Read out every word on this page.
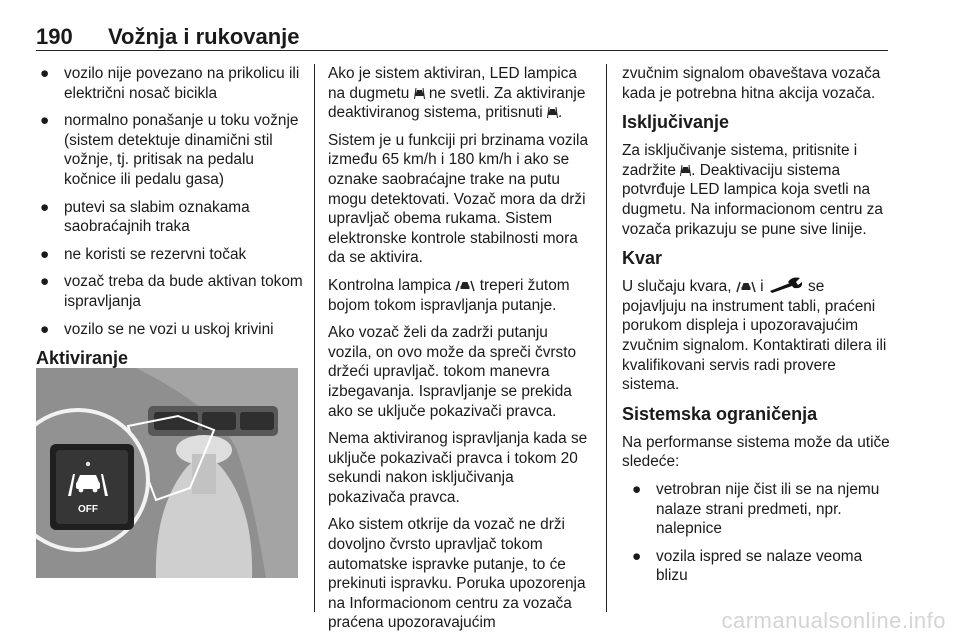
190 Vožnja i rukovanje
● vozilo nije povezano na prikolicu ili električni nosač bicikla
● normalno ponašanje u toku vožnje (sistem detektuje dinamični stil vožnje, tj. pritisak na pedalu kočnice ili pedalu gasa)
● putevi sa slabim oznakama saobraćajnih traka
● ne koristi se rezervni točak
● vozač treba da bude aktivan tokom ispravljanja
● vozilo se ne vozi u uskoj krivini
Aktiviranje
OFF

Ako je sistem aktiviran, LED lampica na dugmetu ne svetli. Za aktiviranje deaktiviranog sistema, pritisnuti .

Sistem je u funkciji pri brzinama vozila između 65 km/h i 180 km/h i ako se oznake saobraćajne trake na putu mogu detektovati. Vozač mora da drži upravljač obema rukama. Sistem elektronske kontrole stabilnosti mora da se aktivira.

Kontrolna lampica treperi žutom bojom tokom ispravljanja putanje.

Ako vozač želi da zadrži putanju vozila, on ovo može da spreči čvrsto držeći upravljač. tokom manevra izbegavanja. Ispravljanje se prekida ako se uključe pokazivači pravca.

Nema aktiviranog ispravljanja kada se uključe pokazivači pravca i tokom 20 sekundi nakon isključivanja pokazivača pravca.

Ako sistem otkrije da vozač ne drži dovoljno čvrsto upravljač tokom automatske ispravke putanje, to će prekinuti ispravku. Poruka upozorenja na Informacionom centru za vozača praćena upozoravajućim

zvučnim signalom obaveštava vozača kada je potrebna hitna akcija vozača.

Isključivanje

Za isključivanje sistema, pritisnite i zadržite . Deaktivaciju sistema potvrđuje LED lampica koja svetli na dugmetu. Na informacionom centru za vozača prikazuju se pune sive linije.

Kvar

U slučaju kvara, i	se pojavljuju na instrument tabli, praćeni porukom displeja i upozoravajućim zvučnim signalom. Kontaktirati dilera ili kvalifikovani servis radi provere sistema.

Sistemska ograničenja

Na performanse sistema može da utiče sledeće:

● vetrobran nije čist ili se na njemu nalaze strani predmeti, npr. nalepnice
● vozila ispred se nalaze veoma blizu
carmanualsonline.info
